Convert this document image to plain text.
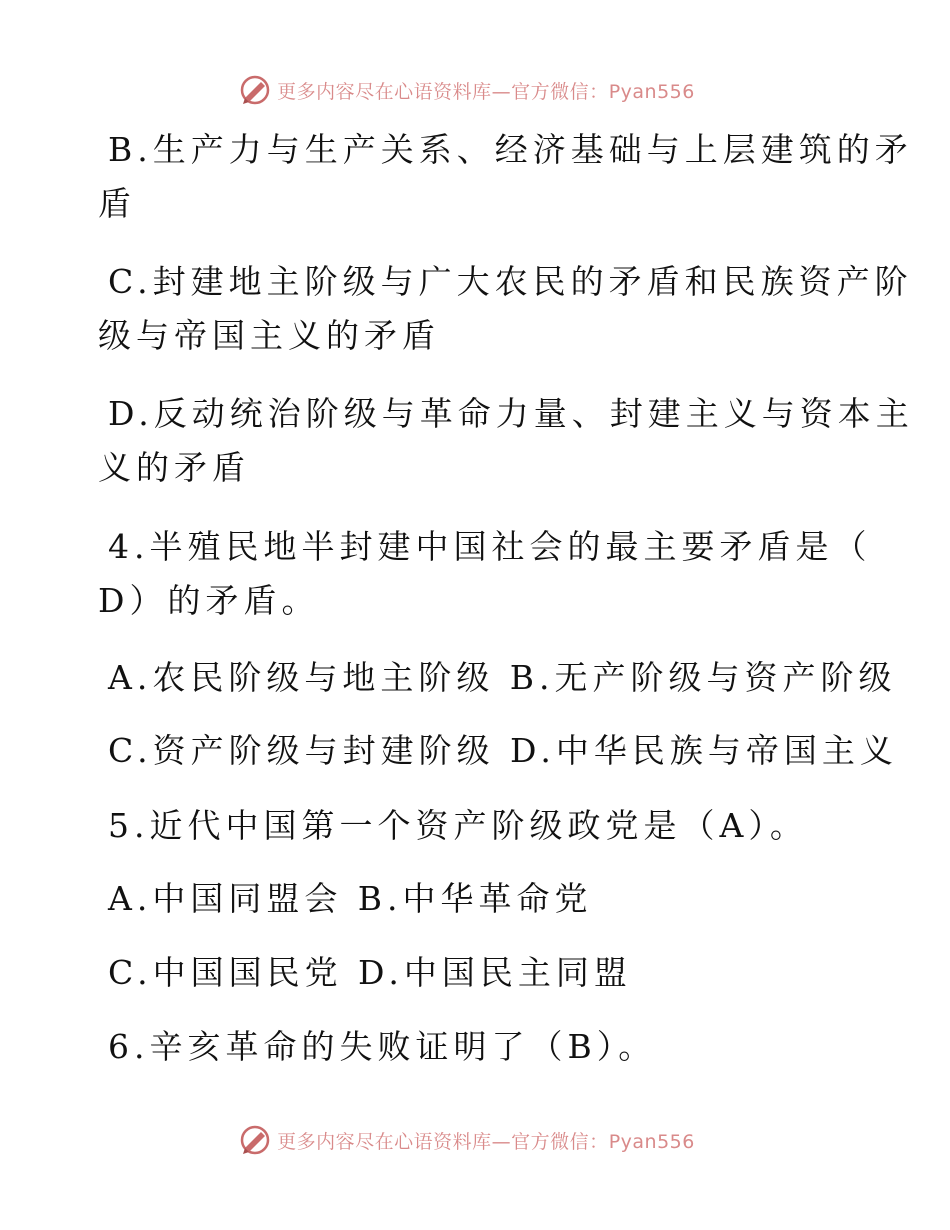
更多内容尽在心语资料库—官方微信：Pyan556
B.生产力与生产关系、经济基础与上层建筑的矛
盾
C.封建地主阶级与广大农民的矛盾和民族资产阶
级与帝国主义的矛盾
D.反动统治阶级与革命力量、封建主义与资本主
义的矛盾
4.半殖民地半封建中国社会的最主要矛盾是（
D）的矛盾。
A.农民阶级与地主阶级 B.无产阶级与资产阶级
C.资产阶级与封建阶级 D.中华民族与帝国主义
5.近代中国第一个资产阶级政党是（A）。
A.中国同盟会 B.中华革命党
C.中国国民党 D.中国民主同盟
6.辛亥革命的失败证明了（B）。
更多内容尽在心语资料库—官方微信：Pyan556
